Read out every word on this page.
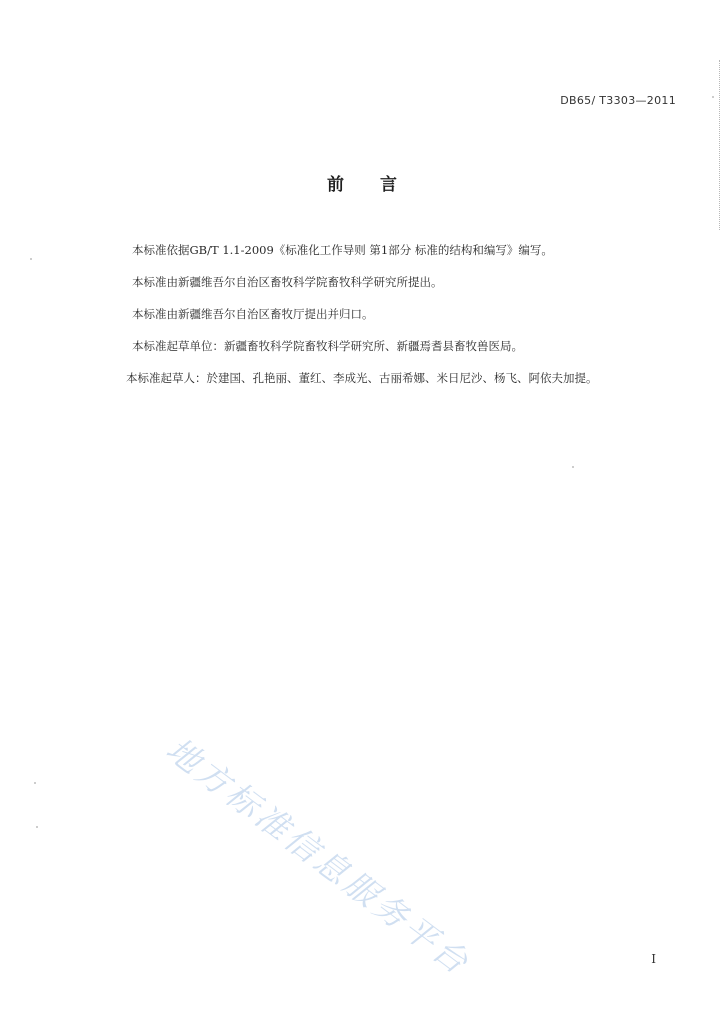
DB65/ T3303—2011
前言
本标准依据GB/T 1.1-2009《标准化工作导则 第1部分 标准的结构和编写》编写。
本标准由新疆维吾尔自治区畜牧科学院畜牧科学研究所提出。
本标准由新疆维吾尔自治区畜牧厅提出并归口。
本标准起草单位：新疆畜牧科学院畜牧科学研究所、新疆焉耆县畜牧兽医局。
本标准起草人：於建国、孔艳丽、董红、李成光、古丽希娜、米日尼沙、杨飞、阿依夫加提。
地方标准信息服务平台	I
